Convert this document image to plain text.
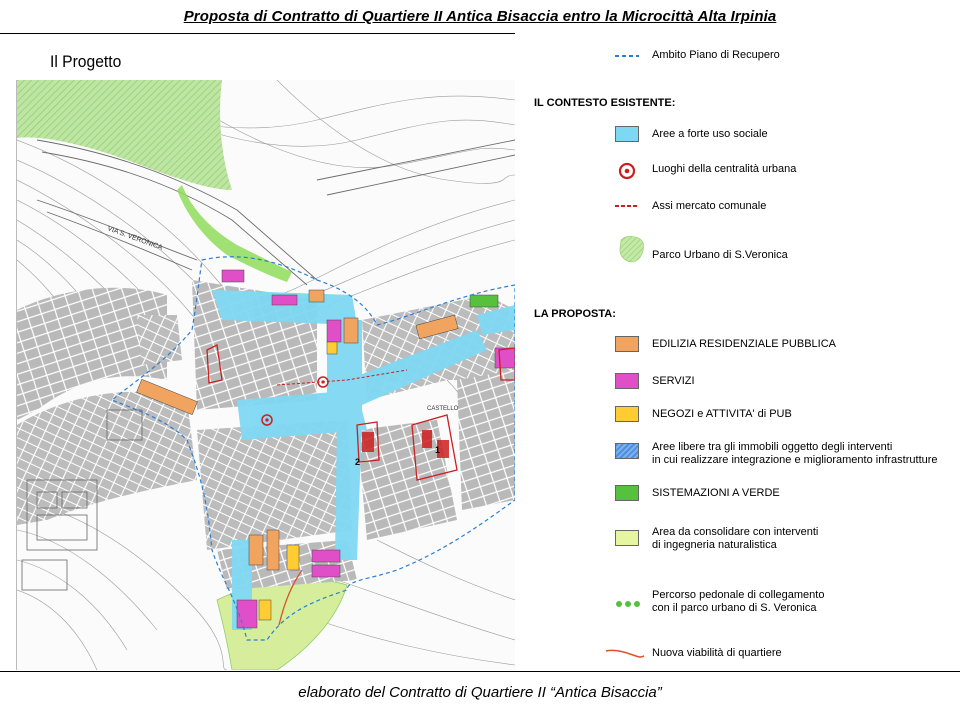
Proposta di Contratto di Quartiere II Antica Bisaccia entro la Microcittà Alta Irpinia
Il Progetto
VIA S. VERONICA
2
1
CASTELLO
Ambito Piano di Recupero
IL CONTESTO ESISTENTE:
Aree a forte uso sociale
Luoghi della centralità urbana
Assi mercato comunale
Parco Urbano di S.Veronica
LA PROPOSTA:
EDILIZIA RESIDENZIALE PUBBLICA
SERVIZI
NEGOZI e ATTIVITA' di PUB
Aree libere tra gli immobili oggetto degli interventi
in cui realizzare integrazione e miglioramento infrastrutture
SISTEMAZIONI A VERDE
Area da consolidare con interventi
di ingegneria naturalistica
Percorso pedonale di collegamento
con il parco urbano di S. Veronica
Nuova viabilità di quartiere
elaborato del Contratto di Quartiere II “Antica Bisaccia”
